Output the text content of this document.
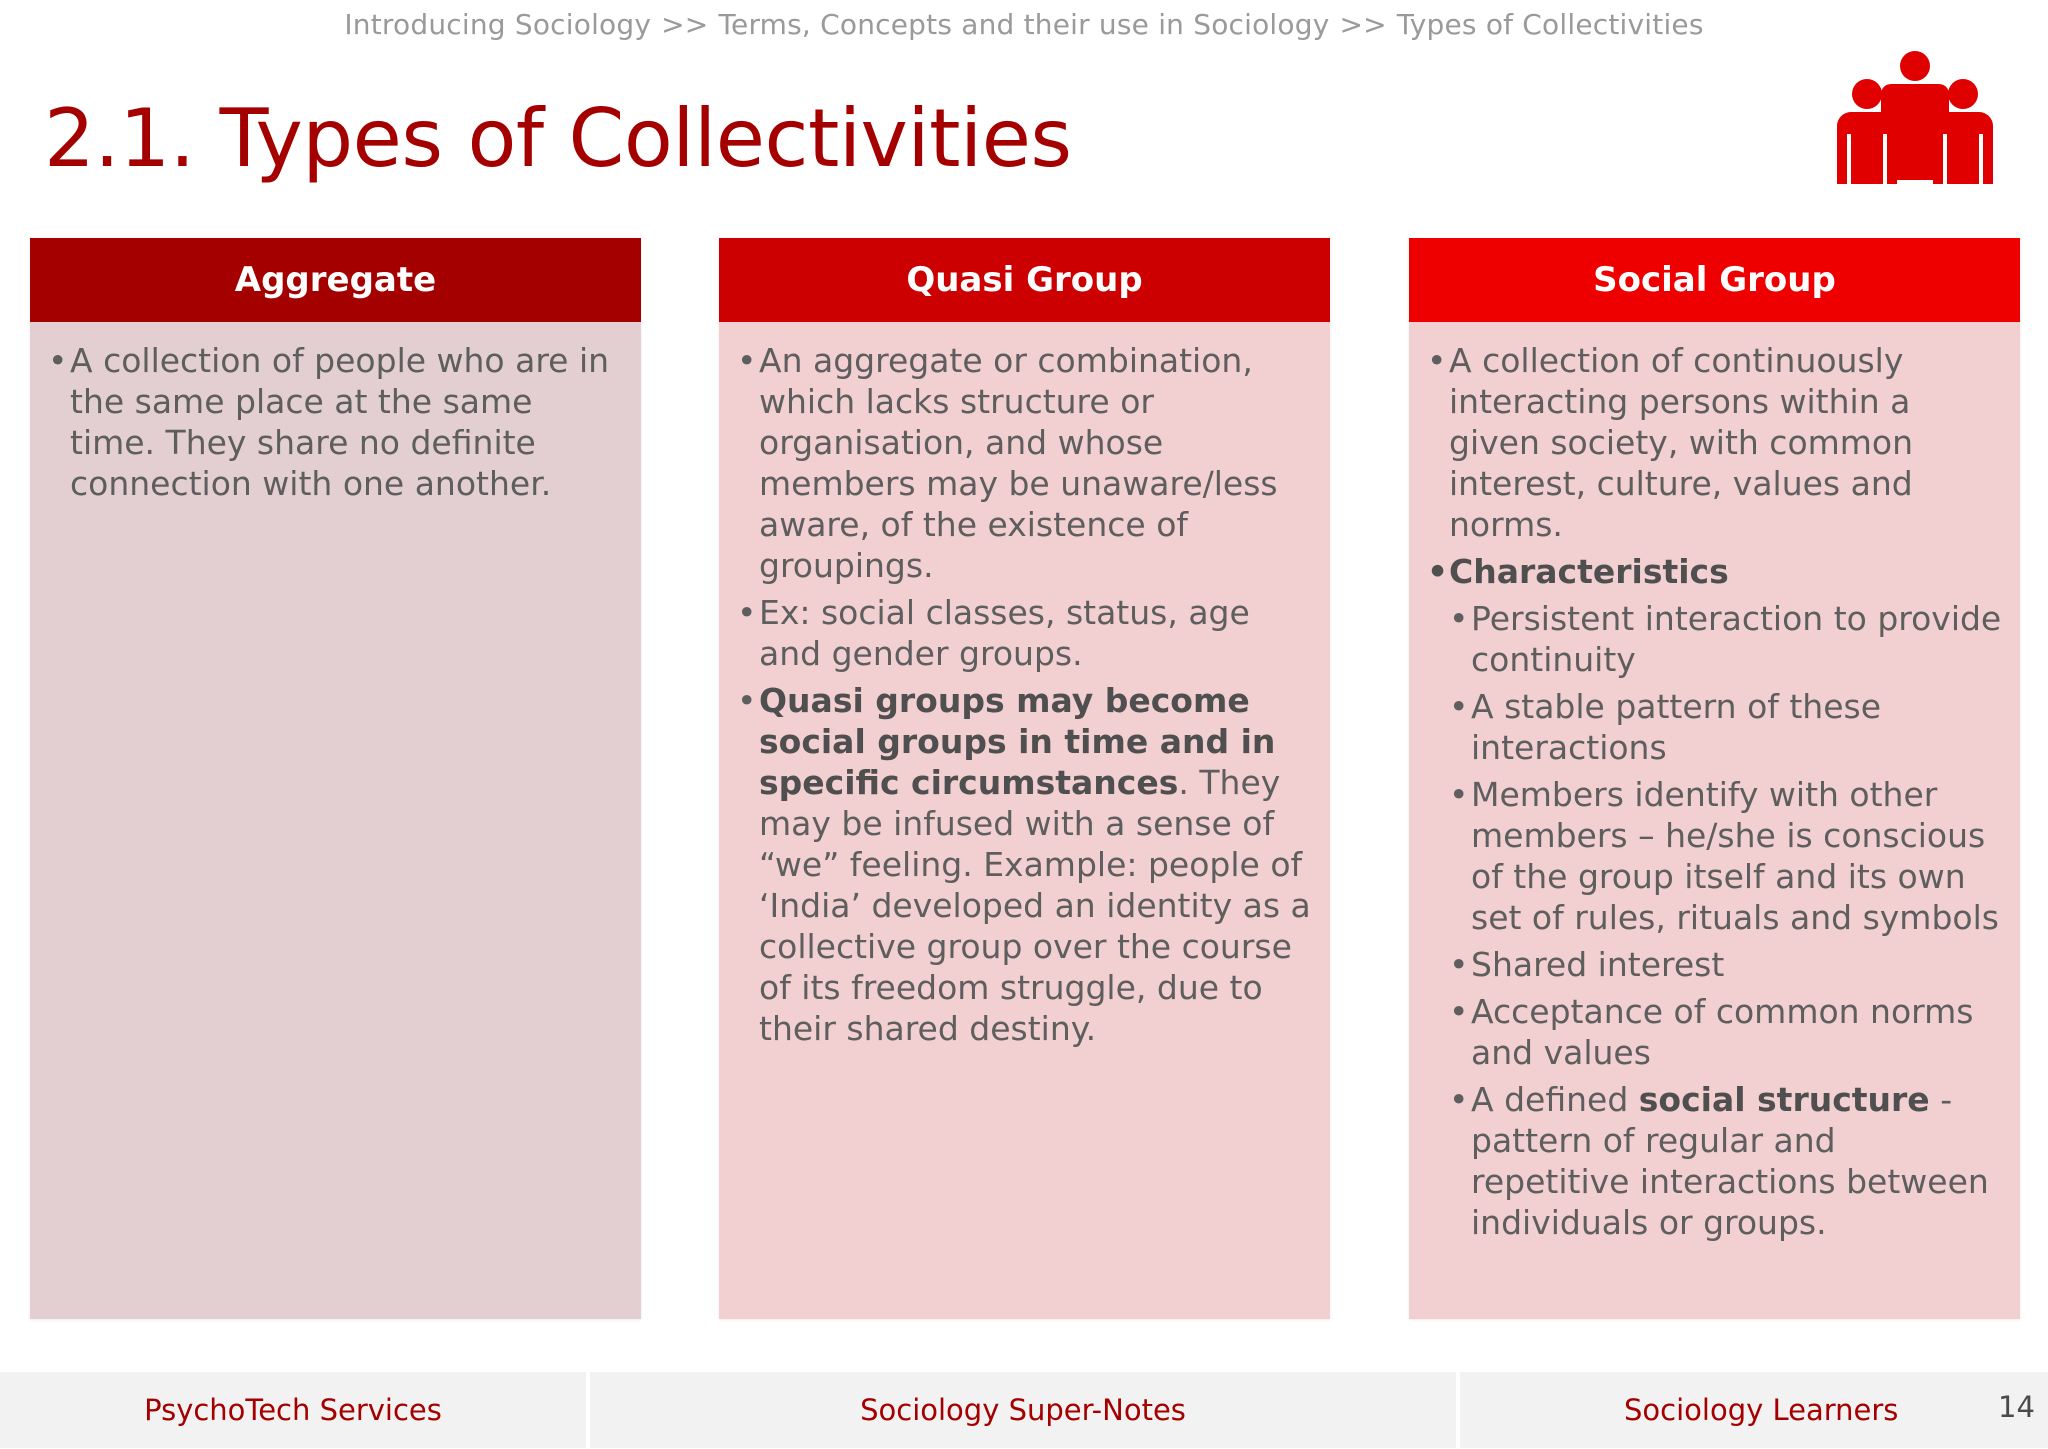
Introducing Sociology >> Terms, Concepts and their use in Sociology >> Types of Collectivities
2.1. Types of Collectivities
Aggregate
• A collection of people who are in the same place at the same time. They share no definite connection with one another.
Quasi Group
• An aggregate or combination, which lacks structure or organisation, and whose members may be unaware/less aware, of the existence of groupings.
• Ex: social classes, status, age and gender groups.
• Quasi groups may become social groups in time and in specific circumstances. They may be infused with a sense of “we” feeling. Example: people of ‘India’ developed an identity as a collective group over the course of its freedom struggle, due to their shared destiny.
Social Group
• A collection of continuously interacting persons within a given society, with common interest, culture, values and norms.
• Characteristics
• Persistent interaction to provide continuity
• A stable pattern of these interactions
• Members identify with other members – he/she is conscious of the group itself and its own set of rules, rituals and symbols
• Shared interest
• Acceptance of common norms and values
• A defined social structure - pattern of regular and repetitive interactions between individuals or groups.
PsychoTech Services	Sociology Super-Notes	Sociology Learners	14
